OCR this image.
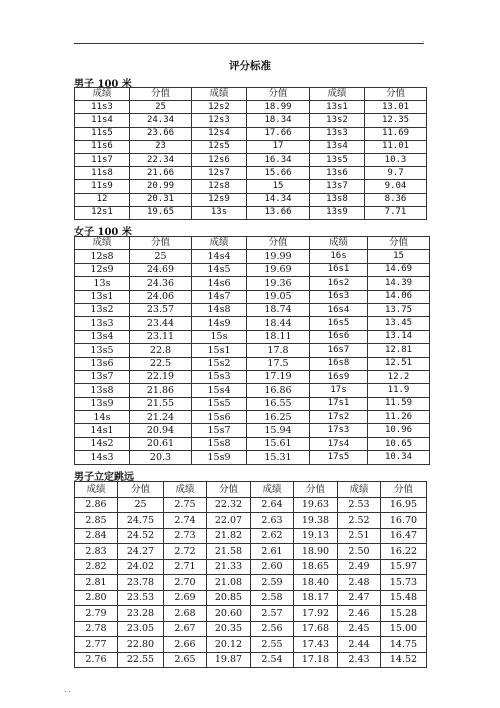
.
评分标准
男子 100 米
成绩	分值	成绩	分值	成绩	分值
11s3	25	12s2	18.99	13s1	13.01
11s4	24.34	12s3	18.34	13s2	12.35
11s5	23.66	12s4	17.66	13s3	11.69
11s6	23	12s5	17	13s4	11.01
11s7	22.34	12s6	16.34	13s5	10.3
11s8	21.66	12s7	15.66	13s6	9.7
11s9	20.99	12s8	15	13s7	9.04
12	20.31	12s9	14.34	13s8	8.36
12s1	19.65	13s	13.66	13s9	7.71
女子 100 米
成绩	分值	成绩	分值	成绩	分值
12s8	25	14s4	19.99	16s	15
12s9	24.69	14s5	19.69	16s1	14.69
13s	24.36	14s6	19.36	16s2	14.39
13s1	24.06	14s7	19.05	16s3	14.06
13s2	23.57	14s8	18.74	16s4	13.75
13s3	23.44	14s9	18.44	16s5	13.45
13s4	23.11	15s	18.11	16s6	13.14
13s5	22.8	15s1	17.8	16s7	12.81
13s6	22.5	15s2	17.5	16s8	12.51
13s7	22.19	15s3	17.19	16s9	12.2
13s8	21.86	15s4	16.86	17s	11.9
13s9	21.55	15s5	16.55	17s1	11.59
14s	21.24	15s6	16.25	17s2	11.26
14s1	20.94	15s7	15.94	17s3	10.96
14s2	20.61	15s8	15.61	17s4	10.65
14s3	20.3	15s9	15.31	17s5	10.34
男子立定跳远
成绩	分值	成绩	分值	成绩	分值	成绩	分值
2.86	25	2.75	22.32	2.64	19.63	2.53	16.95
2.85	24.75	2.74	22.07	2.63	19.38	2.52	16.70
2.84	24.52	2.73	21.82	2.62	19.13	2.51	16.47
2.83	24.27	2.72	21.58	2.61	18.90	2.50	16.22
2.82	24.02	2.71	21.33	2.60	18.65	2.49	15.97
2.81	23.78	2.70	21.08	2.59	18.40	2.48	15.73
2.80	23.53	2.69	20.85	2.58	18.17	2.47	15.48
2.79	23.28	2.68	20.60	2.57	17.92	2.46	15.28
2.78	23.05	2.67	20.35	2.56	17.68	2.45	15.00
2.77	22.80	2.66	20.12	2.55	17.43	2.44	14.75
2.76	22.55	2.65	19.87	2.54	17.18	2.43	14.52
. .
